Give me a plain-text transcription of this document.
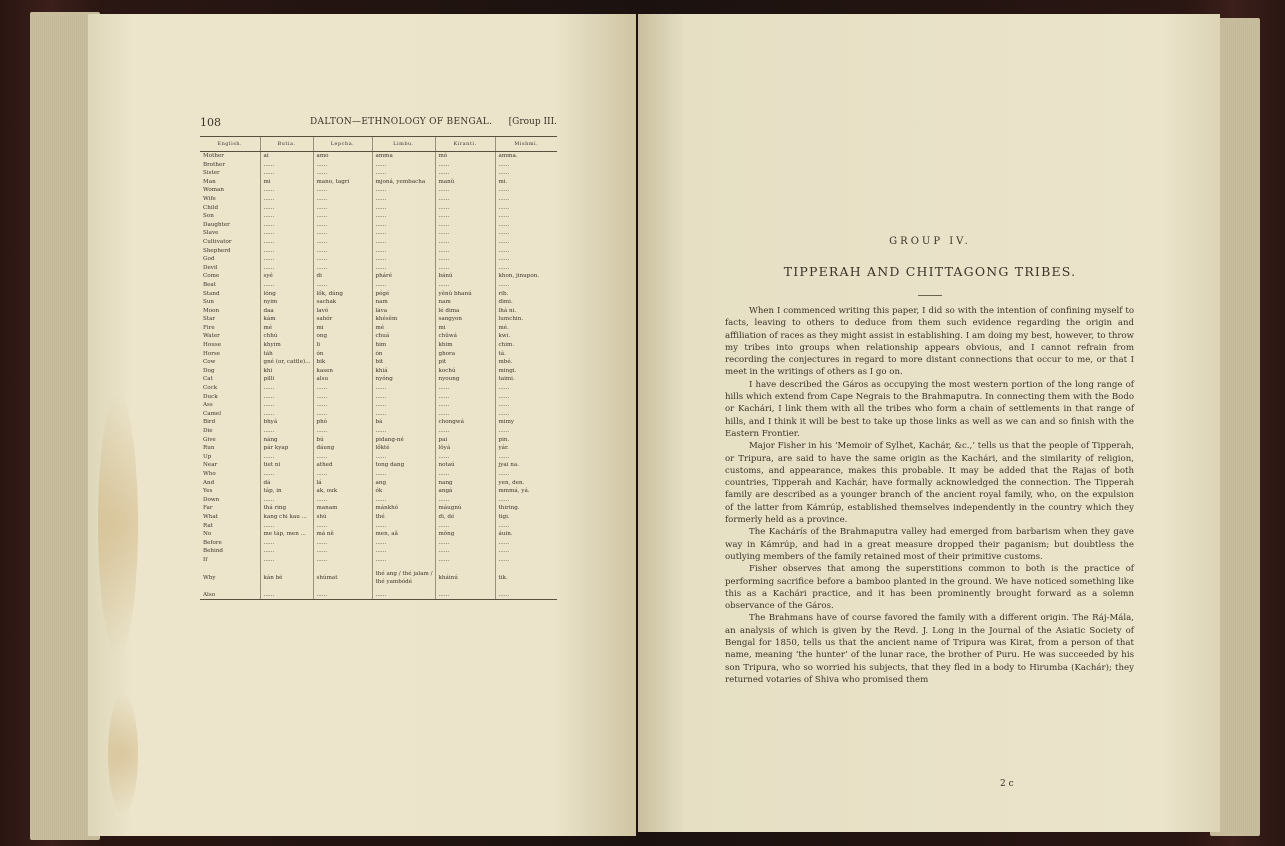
108	DALTON—ETHNOLOGY OF BENGAL. [Group III.
English.	Butia.	Lepcha.	Limbu.	Kiranti.	Mishmi.
Mother	ai	amo	amma	mó	amma.
Brother	......	......	......	......	......
Sister	......	......	......	......	......
Man	mi	mano, tagri	mjoná, yembacha	manŭ	mi.
Woman	......	......	......	......	......
Wife	......	......	......	......	......
Child	......	......	......	......	......
Son	......	......	......	......	......
Daughter	......	......	......	......	......
Slave	......	......	......	......	......
Cultivator	......	......	......	......	......
Shepherd	......	......	......	......	......
God	......	......	......	......	......
Devil	......	......	......	......	......
Come	syé	di	pháré	bánú	khon, jinupon.
Beat	......	......	......	......	......
Stand	lóng	lők, dúng	pégé	yĕnŭ bhanú	rib.
Sun	nyim	sachak	nam	nam	dimi.
Moon	daa	lavó	láva	lé dima	lhá ni.
Star	kám	sahór	khésĕm	sangyon	lumchin.
Fire	mé	mi	mé	mi	mé.
Water	chhú	ong	chuá	chŭwá	kwi.
House	khyim	li	him	khim	chim.
Horse	táh	ón	ón	ghora	tá.
Cow	gné (or, cattle)...	bik	bit	pit	mbé.
Dog	khi	kasen	khiá	kochú	mingi.
Cat	pilli	alsu	nyóng	nyoung	taimi.
Cock	......	......	......	......	......
Duck	......	......	......	......	......
Ass	......	......	......	......	......
Camel	......	......	......	......	......
Bird	bhyá	phó	bá	chongwá	mimy
Die	......	......	......	......	......
Give	náng	bú	pidang-né	pai	pin.
Run	pár kyap	dáung	lőkté	lŏyá	yár.
Up	......	......	......	......	......
Near	tiet ni	athed	tong dang	notaú	jyai na.
Who	......	......	......	......	......
And	dá	lá	ang	nang	yen, den.
Yes	táp, in	ak, ouk	ók	angá	mmmá, yá.
Down	......	......	......	......	......
Far	thá ring	manam	mánkhó	máugnú	thiring.
What	kang chi kau ...	shú	thé	di, dé	tigi.
Rat	......	......	......	......	......
No	me táp, men ...	má ně	men, aă	mŏng	áuin.
Before	......	......	......	......	......
Behind	......	......	......	......	......
If	......	......	......	......	......
Why	kán bé	shúmat	thé ang / thé jalam / thé yambódé	kháinú	tik.
Also	......	......	......	......	......
GROUP IV.
TIPPERAH AND CHITTAGONG TRIBES.

When I commenced writing this paper, I did so with the intention of confining myself to facts, leaving to others to deduce from them such evidence regarding the origin and affiliation of races as they might assist in establishing. I am doing my best, however, to throw my tribes into groups when relationship appears obvious, and I cannot refrain from recording the conjectures in regard to more distant connections that occur to me, or that I meet in the writings of others as I go on.

I have described the Gáros as occupying the most western portion of the long range of hills which extend from Cape Negrais to the Brahmaputra. In connecting them with the Bodo or Kachári, I link them with all the tribes who form a chain of settlements in that range of hills, and I think it will be best to take up those links as well as we can and so finish with the Eastern Frontier.

Major Fisher in his ‘Memoir of Sylhet, Kachár, &c.,’ tells us that the people of Tipperah, or Tripura, are said to have the same origin as the Kachári, and the similarity of religion, customs, and appearance, makes this probable. It may be added that the Rajas of both countries, Tipperah and Kachár, have formally acknowledged the connection. The Tipperah family are described as a younger branch of the ancient royal family, who, on the expulsion of the latter from Kámrúp, established themselves independently in the country which they formerly held as a province.

The Kachárís of the Brahmaputra valley had emerged from barbarism when they gave way in Kámrúp, and had in a great measure dropped their paganism; but doubtless the outlying members of the family retained most of their primitive customs.

Fisher observes that among the superstitions common to both is the practice of performing sacrifice before a bamboo planted in the ground. We have noticed something like this as a Kachári practice, and it has been prominently brought forward as a solemn observance of the Gáros.

The Brahmans have of course favored the family with a different origin. The Ráj-Mála, an analysis of which is given by the Revd. J. Long in the Journal of the Asiatic Society of Bengal for 1850, tells us that the ancient name of Tripura was Kirat, from a person of that name, meaning ‘the hunter’ of the lunar race, the brother of Puru. He was succeeded by his son Tripura, who so worried his subjects, that they fled in a body to Hirumba (Kachár); they returned votaries of Shiva who promised them

2 c
